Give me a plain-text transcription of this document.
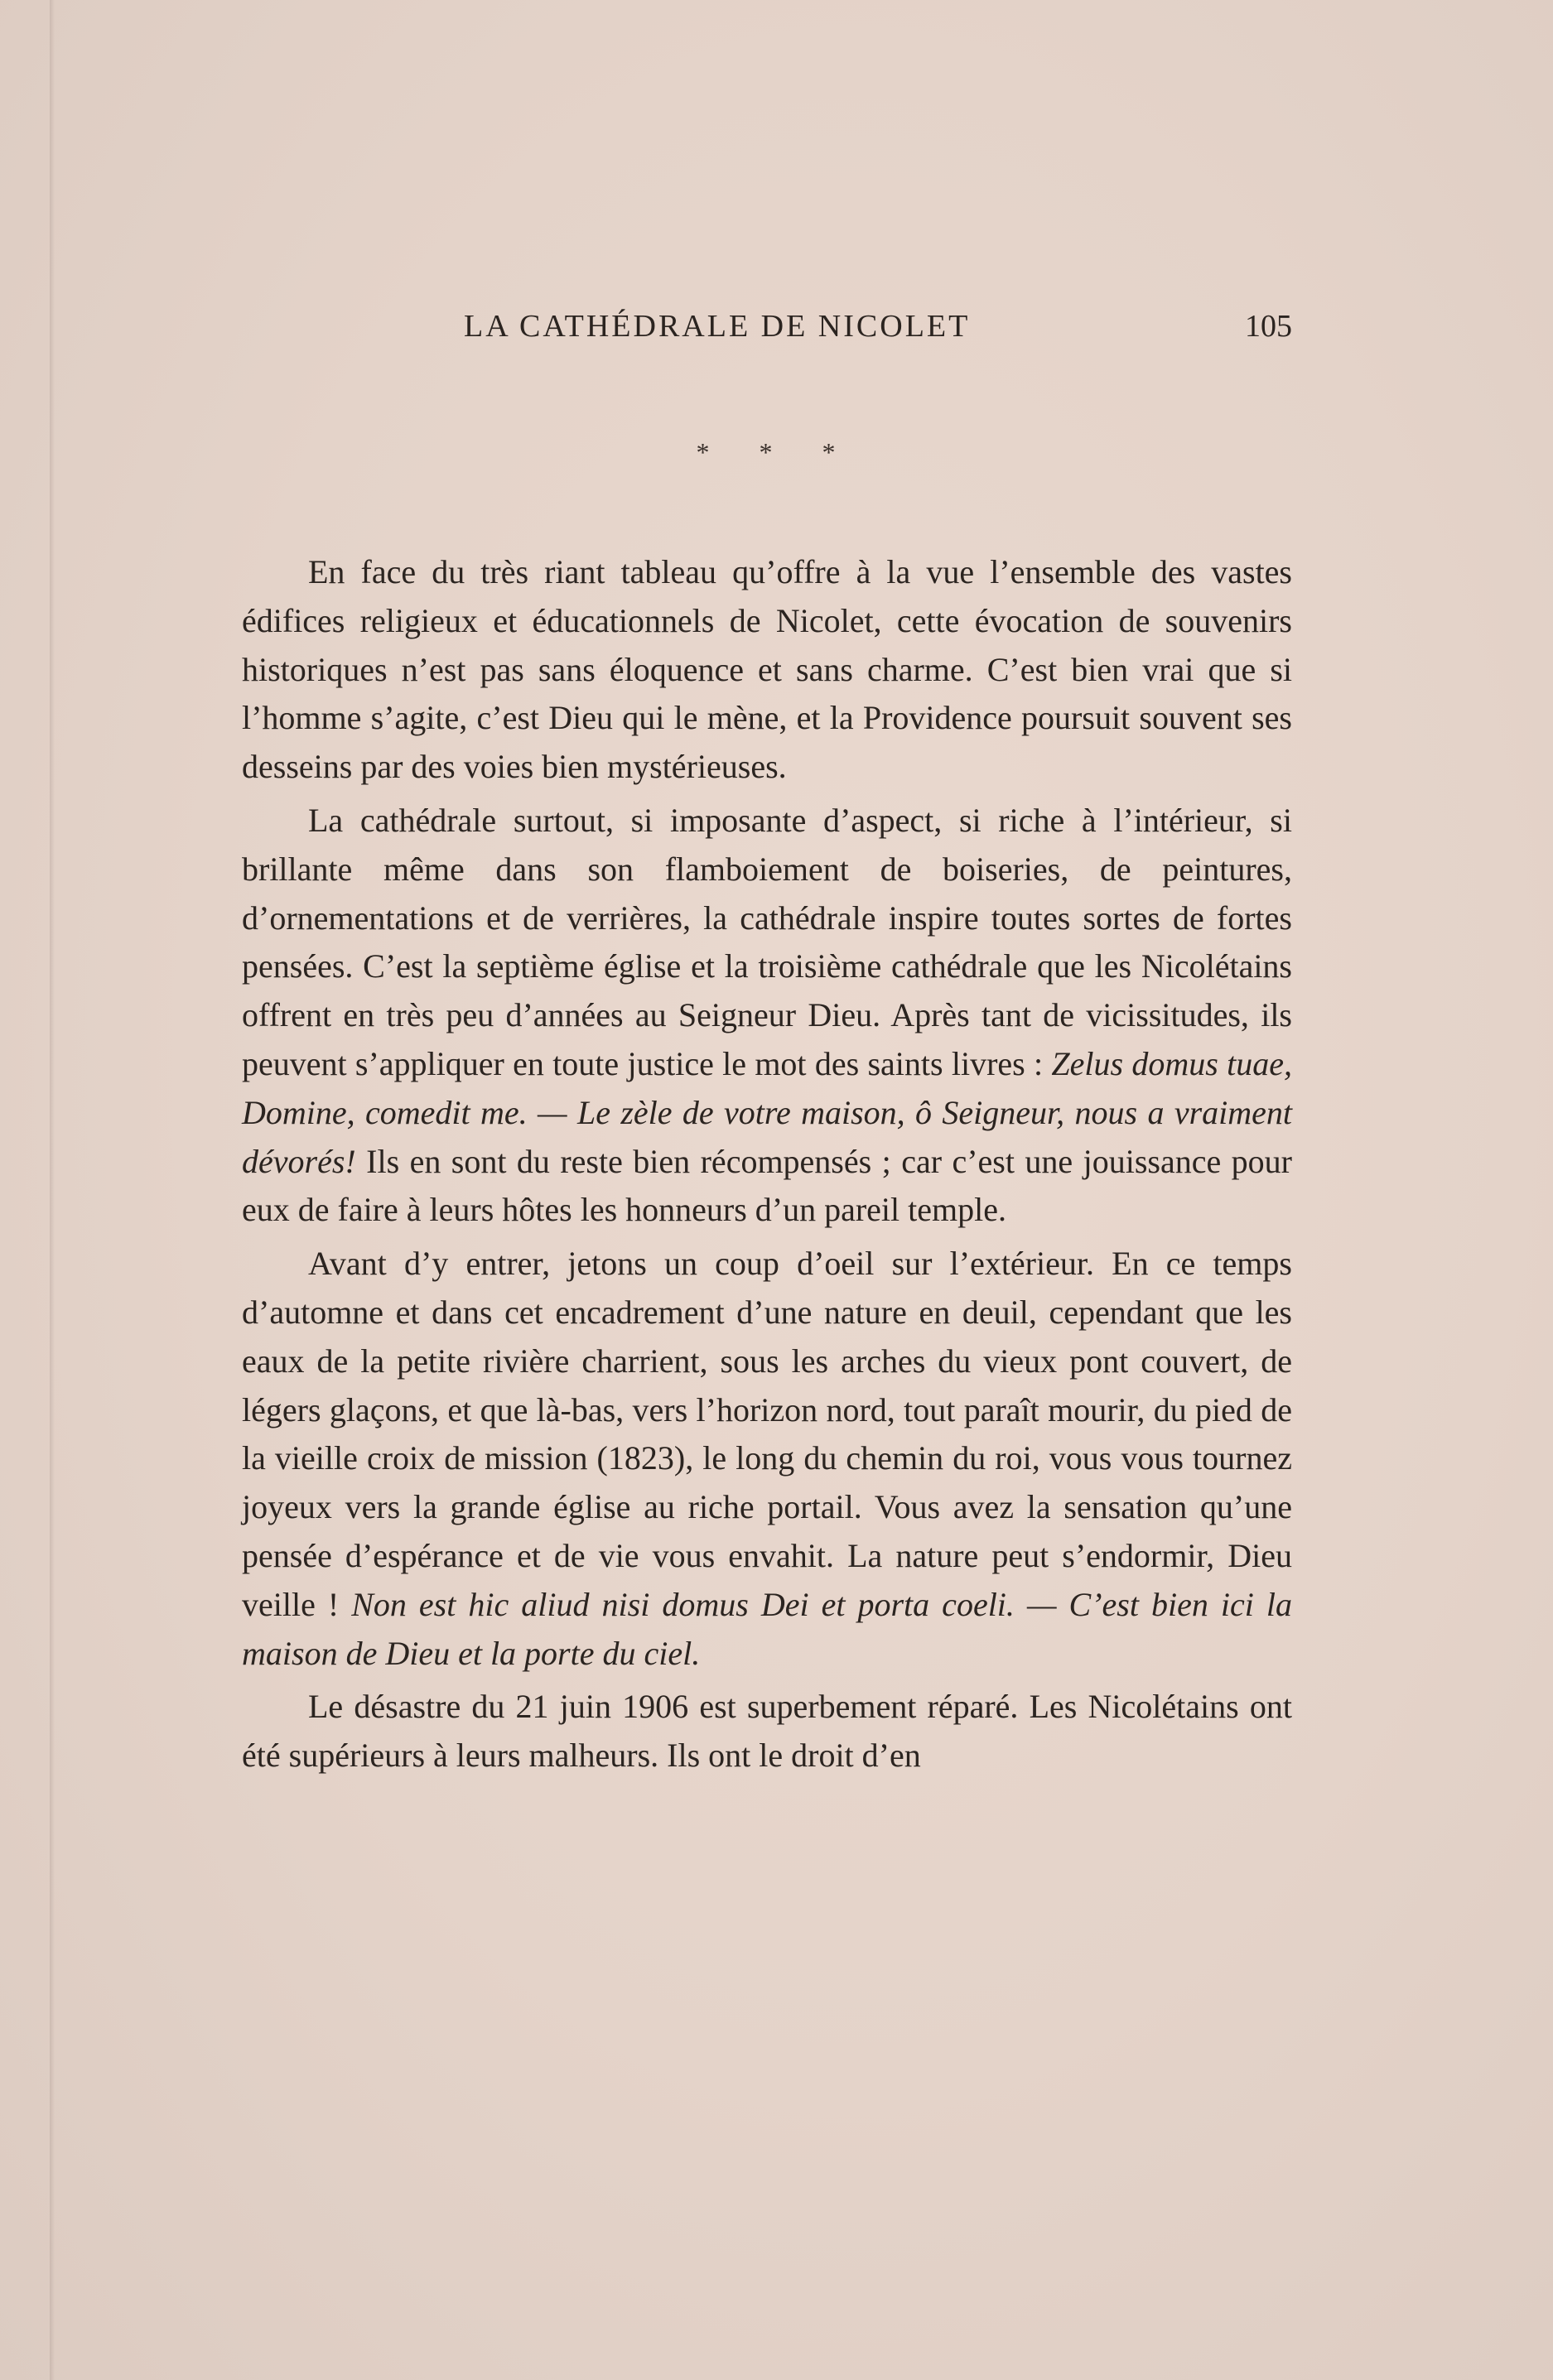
LA CATHÉDRALE DE NICOLET	105
* * *

En face du très riant tableau qu’offre à la vue l’ensemble des vastes édifices religieux et éducationnels de Nicolet, cette évocation de souvenirs historiques n’est pas sans éloquence et sans charme. C’est bien vrai que si l’homme s’agite, c’est Dieu qui le mène, et la Providence poursuit souvent ses desseins par des voies bien mystérieuses.

La cathédrale surtout, si imposante d’aspect, si riche à l’intérieur, si brillante même dans son flamboiement de boiseries, de peintures, d’ornementations et de verrières, la cathédrale inspire toutes sortes de fortes pensées. C’est la septième église et la troisième cathédrale que les Nicolétains offrent en très peu d’années au Seigneur Dieu. Après tant de vicissitudes, ils peuvent s’appliquer en toute justice le mot des saints livres : Zelus domus tuae, Domine, comedit me. — Le zèle de votre maison, ô Seigneur, nous a vraiment dévorés! Ils en sont du reste bien récompensés ; car c’est une jouissance pour eux de faire à leurs hôtes les honneurs d’un pareil temple.

Avant d’y entrer, jetons un coup d’oeil sur l’extérieur. En ce temps d’automne et dans cet encadrement d’une nature en deuil, cependant que les eaux de la petite rivière charrient, sous les arches du vieux pont couvert, de légers glaçons, et que là-bas, vers l’horizon nord, tout paraît mourir, du pied de la vieille croix de mission (1823), le long du chemin du roi, vous vous tournez joyeux vers la grande église au riche portail. Vous avez la sensation qu’une pensée d’espérance et de vie vous envahit. La nature peut s’endormir, Dieu veille ! Non est hic aliud nisi domus Dei et porta coeli. — C’est bien ici la maison de Dieu et la porte du ciel.

Le désastre du 21 juin 1906 est superbement réparé. Les Nicolétains ont été supérieurs à leurs malheurs. Ils ont le droit d’en
